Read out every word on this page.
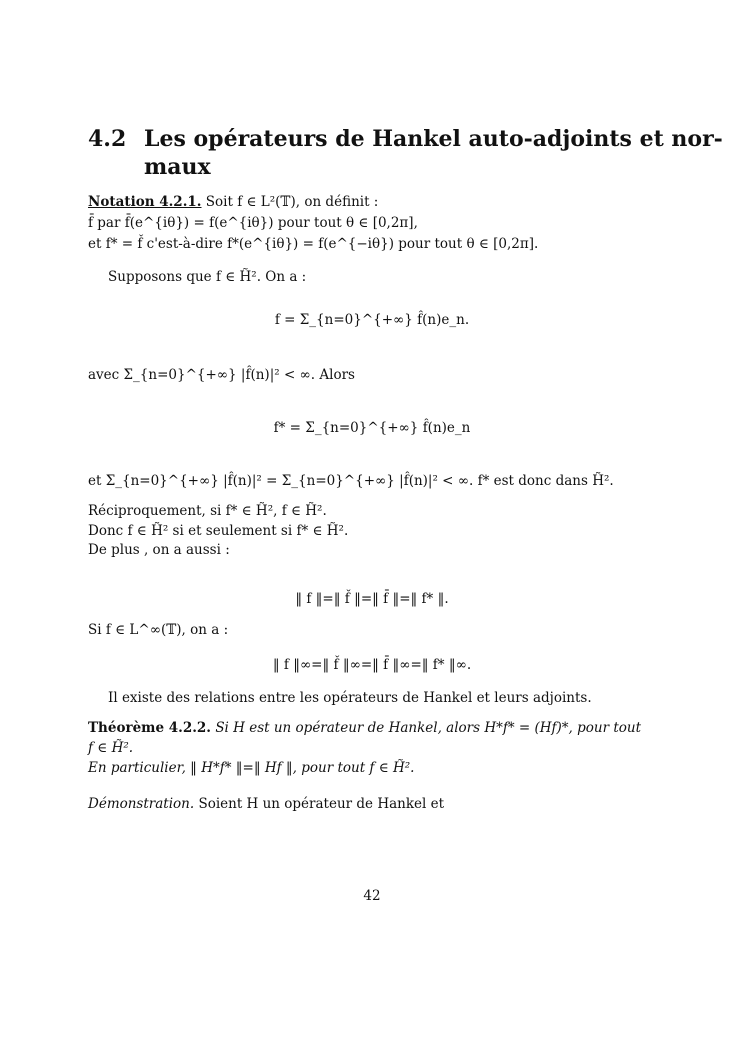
4.2 Les opérateurs de Hankel auto-adjoints et nor-
maux
Notation 4.2.1. Soit f ∈ L²(𝕋), on définit :
f̄ par f̄(e^{iθ}) = f(e^{iθ}) pour tout θ ∈ [0,2π],
et f* = f̌ c'est-à-dire f*(e^{iθ}) = f(e^{−iθ}) pour tout θ ∈ [0,2π].
Supposons que f ∈ H̃². On a :
f = Σ_{n=0}^{+∞} f̂(n)e_n.
avec Σ_{n=0}^{+∞} |f̂(n)|² < ∞. Alors
f* = Σ_{n=0}^{+∞} f̂(n)e_n
et Σ_{n=0}^{+∞} |f̂(n)|² = Σ_{n=0}^{+∞} |f̂(n)|² < ∞. f* est donc dans H̃².
Réciproquement, si f* ∈ H̃², f ∈ H̃².
Donc f ∈ H̃² si et seulement si f* ∈ H̃².
De plus , on a aussi :
‖ f ‖=‖ f̌ ‖=‖ f̄ ‖=‖ f* ‖.
Si f ∈ L^∞(𝕋), on a :
‖ f ‖∞=‖ f̌ ‖∞=‖ f̄ ‖∞=‖ f* ‖∞.
Il existe des relations entre les opérateurs de Hankel et leurs adjoints.
Théorème 4.2.2. Si H est un opérateur de Hankel, alors H*f* = (Hf)*, pour tout
f ∈ H̃².
En particulier, ‖ H*f* ‖=‖ Hf ‖, pour tout f ∈ H̃².
Démonstration. Soient H un opérateur de Hankel et
42
